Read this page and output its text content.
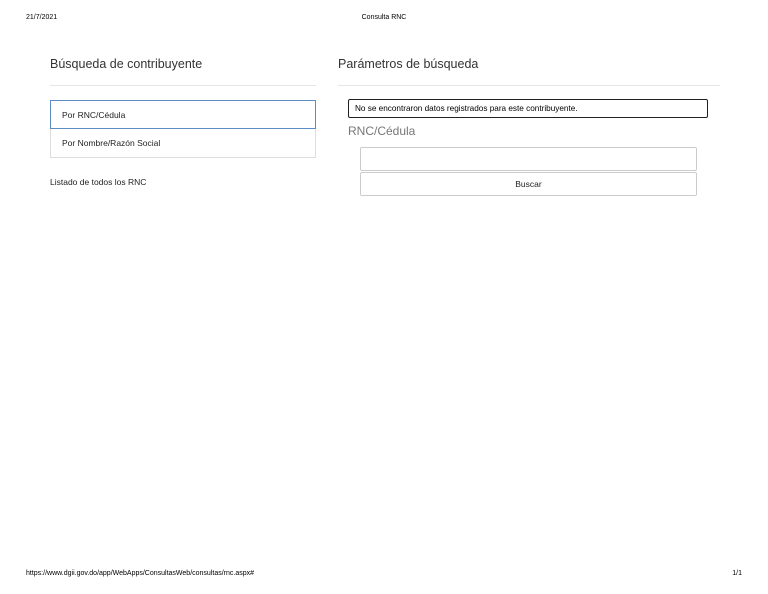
21/7/2021	Consulta RNC
Búsqueda de contribuyente
Por RNC/Cédula
Por Nombre/Razón Social
Listado de todos los RNC
Parámetros de búsqueda
No se encontraron datos registrados para este contribuyente.
RNC/Cédula
Buscar
https://www.dgii.gov.do/app/WebApps/ConsultasWeb/consultas/rnc.aspx#	1/1
